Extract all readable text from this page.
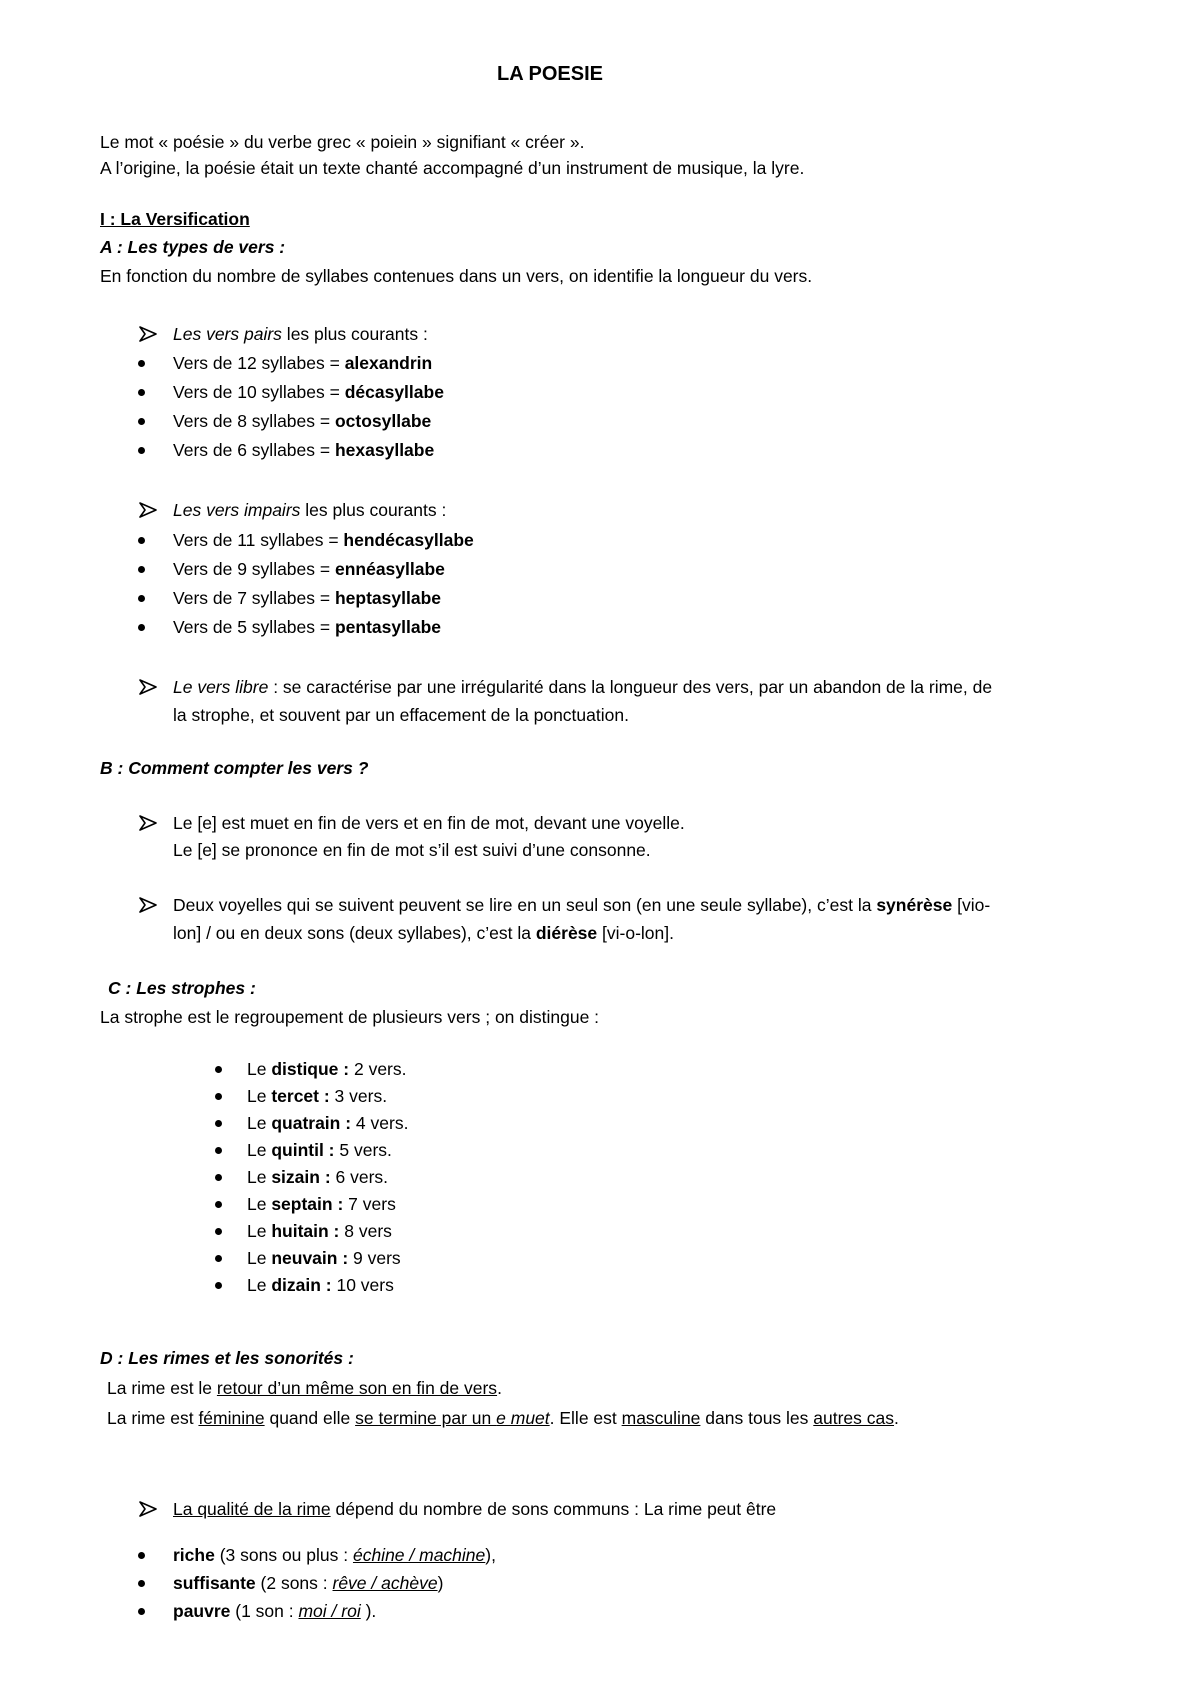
LA POESIE
Le mot « poésie » du verbe grec « poiein » signifiant « créer ».
A l’origine, la poésie était un texte chanté accompagné d’un instrument de musique, la lyre.
I : La Versification
A : Les types de vers :
En fonction du nombre de syllabes contenues dans un vers, on identifie la longueur du vers.
Les vers pairs les plus courants :
Vers de 12 syllabes = alexandrin
Vers de 10 syllabes = décasyllabe
Vers de 8 syllabes = octosyllabe
Vers de 6 syllabes = hexasyllabe
Les vers impairs les plus courants :
Vers de 11 syllabes = hendécasyllabe
Vers de 9 syllabes = ennéasyllabe
Vers de 7 syllabes = heptasyllabe
Vers de 5 syllabes = pentasyllabe
Le vers libre : se caractérise par une irrégularité dans la longueur des vers, par un abandon de la rime, de
la strophe, et souvent par un effacement de la ponctuation.
B : Comment compter les vers ?
Le [e] est muet en fin de vers et en fin de mot, devant une voyelle.
Le [e] se prononce en fin de mot s’il est suivi d’une consonne.
Deux voyelles qui se suivent peuvent se lire en un seul son (en une seule syllabe), c’est la synérèse [vio-
lon] / ou en deux sons (deux syllabes), c’est la diérèse [vi-o-lon].
C : Les strophes :
La strophe est le regroupement de plusieurs vers ; on distingue :
Le distique : 2 vers.
Le tercet : 3 vers.
Le quatrain : 4 vers.
Le quintil : 5 vers.
Le sizain : 6 vers.
Le septain : 7 vers
Le huitain : 8 vers
Le neuvain : 9 vers
Le dizain : 10 vers
D : Les rimes et les sonorités :
La rime est le retour d’un même son en fin de vers.
La rime est féminine quand elle se termine par un e muet. Elle est masculine dans tous les autres cas.
La qualité de la rime dépend du nombre de sons communs : La rime peut être
riche (3 sons ou plus : échine / machine),
suffisante (2 sons : rêve / achève)
pauvre (1 son : moi / roi ).
